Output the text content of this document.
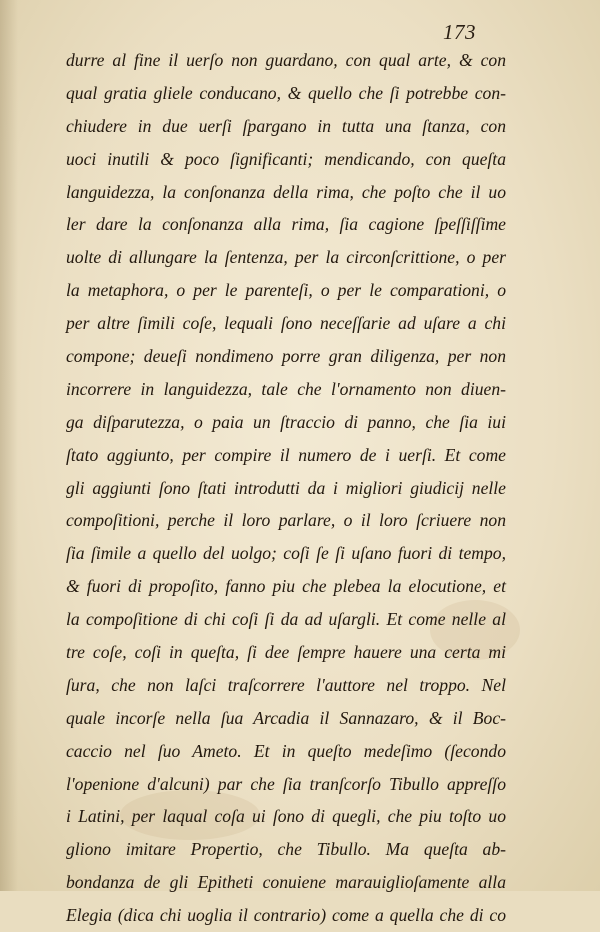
173
durre al fine il uerſo non guardano, con qual arte, & con
qual gratia gliele conducano, & quello che ſi potrebbe con-
chiudere in due uerſi ſpargano in tutta una ſtanza, con
uoci inutili & poco ſignificanti; mendicando, con queſta
languidezza, la conſonanza della rima, che poſto che il uo
ler dare la conſonanza alla rima, ſia cagione ſpeſſiſſime
uolte di allungare la ſentenza, per la circonſcrittione, o per
la metaphora, o per le parenteſi, o per le comparationi, o
per altre ſimili coſe, lequali ſono neceſſarie ad uſare a chi
compone; deueſi nondimeno porre gran diligenza, per non
incorrere in languidezza, tale che l'ornamento non diuen-
ga diſparutezza, o paia un ſtraccio di panno, che ſia iui
ſtato aggiunto, per compire il numero de i uerſi. Et come
gli aggiunti ſono ſtati introdutti da i migliori giudicij nelle
compoſitioni, perche il loro parlare, o il loro ſcriuere non
ſia ſimile a quello del uolgo; coſi ſe ſi uſano fuori di tempo,
& fuori di propoſito, fanno piu che plebea la elocutione, et
la compoſitione di chi coſi ſi da ad uſargli. Et come nelle al
tre coſe, coſi in queſta, ſi dee ſempre hauere una certa mi
ſura, che non laſci traſcorrere l'auttore nel troppo. Nel
quale incorſe nella ſua Arcadia il Sannazaro, & il Boc-
caccio nel ſuo Ameto. Et in queſto medeſimo (ſecondo
l'openione d'alcuni) par che ſia tranſcorſo Tibullo appreſſo
i Latini, per laqual coſa ui ſono di quegli, che piu toſto uo
gliono imitare Propertio, che Tibullo. Ma queſta ab-
bondanza de gli Epitheti conuiene marauiglioſamente alla
Elegia (dica chi uoglia il contrario) come a quella che di co
